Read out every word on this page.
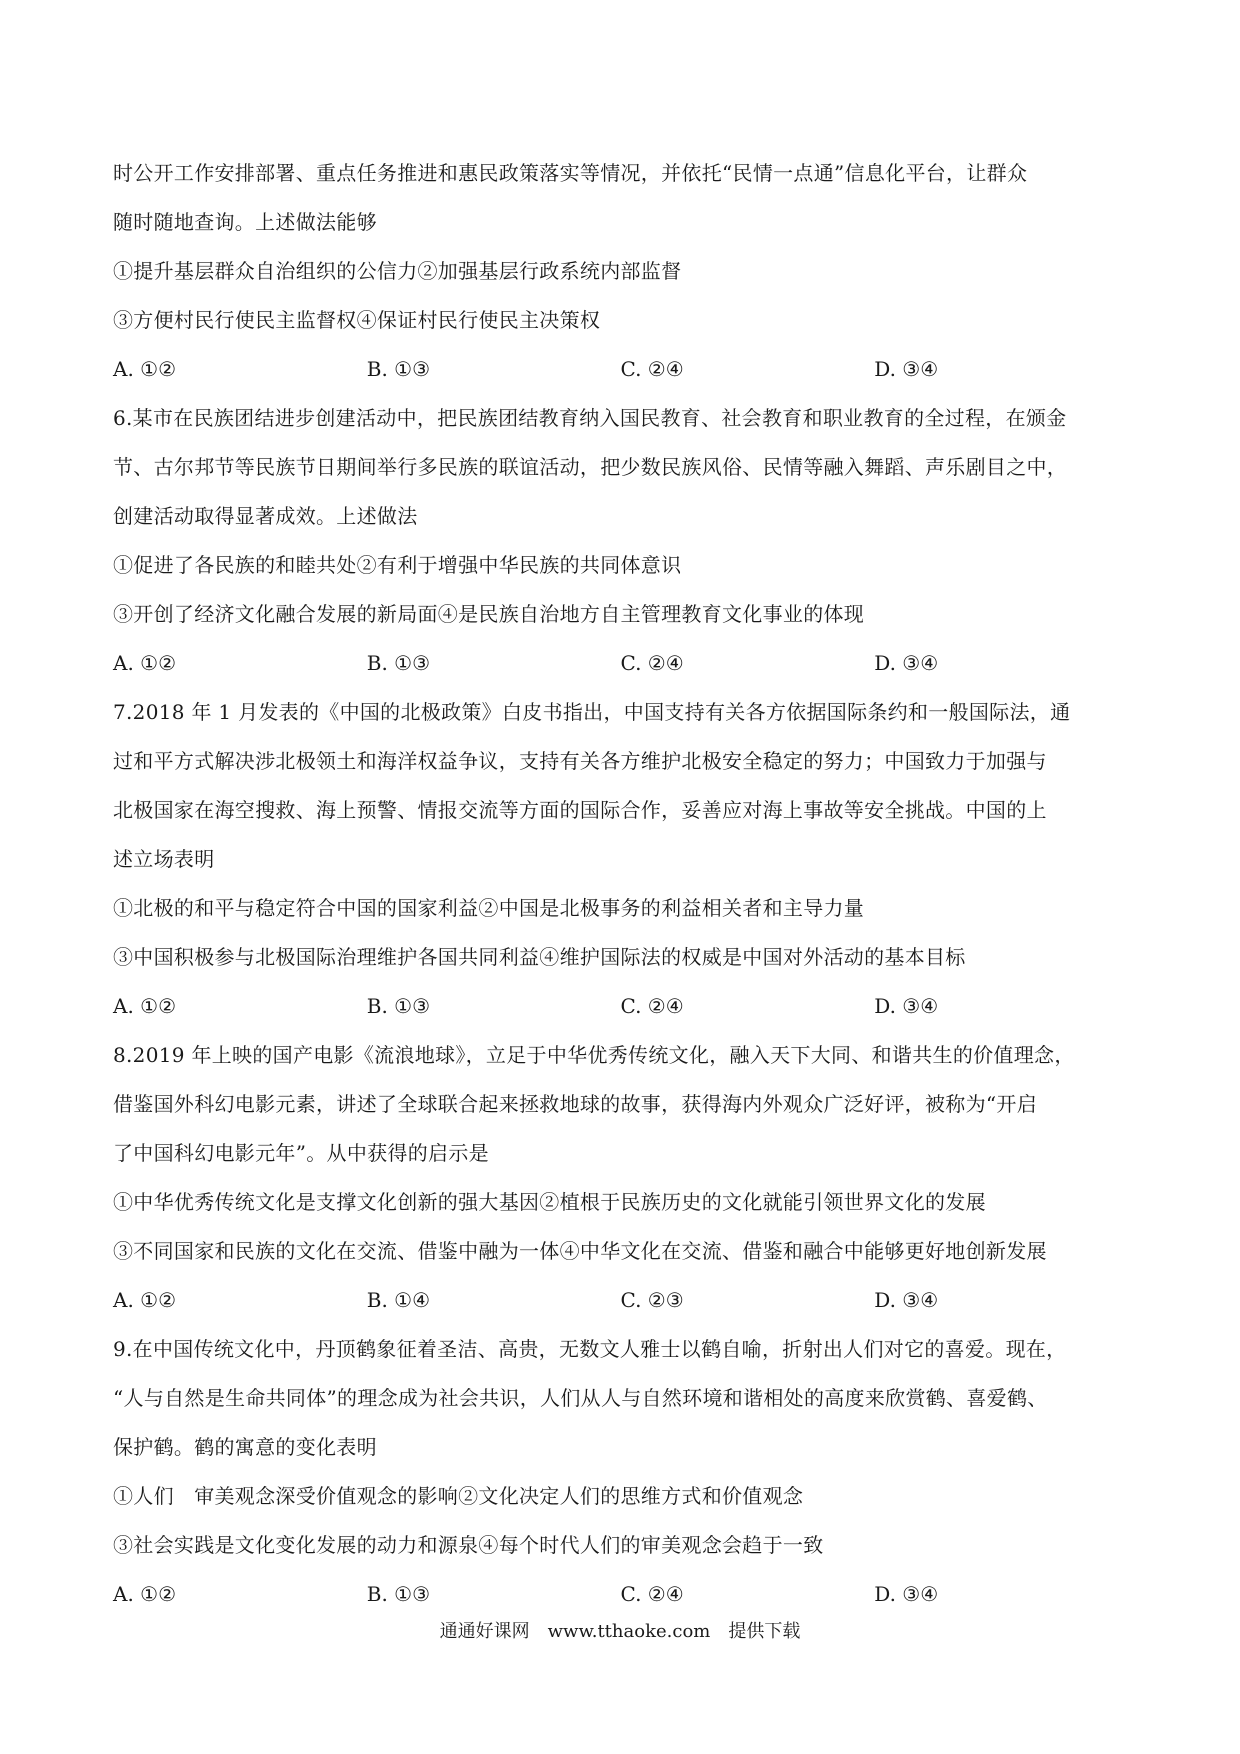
时公开工作安排部署、重点任务推进和惠民政策落实等情况，并依托“民情一点通”信息化平台，让群众
随时随地查询。上述做法能够
①提升基层群众自治组织的公信力②加强基层行政系统内部监督
③方便村民行使民主监督权④保证村民行使民主决策权
A. ①②	B. ①③	C. ②④	D. ③④
6.某市在民族团结进步创建活动中，把民族团结教育纳入国民教育、社会教育和职业教育的全过程，在颁金
节、古尔邦节等民族节日期间举行多民族的联谊活动，把少数民族风俗、民情等融入舞蹈、声乐剧目之中，
创建活动取得显著成效。上述做法
①促进了各民族的和睦共处②有利于增强中华民族的共同体意识
③开创了经济文化融合发展的新局面④是民族自治地方自主管理教育文化事业的体现
A. ①②	B. ①③	C. ②④	D. ③④
7.2018 年 1 月发表的《中国的北极政策》白皮书指出，中国支持有关各方依据国际条约和一般国际法，通
过和平方式解决涉北极领土和海洋权益争议，支持有关各方维护北极安全稳定的努力；中国致力于加强与
北极国家在海空搜救、海上预警、情报交流等方面的国际合作，妥善应对海上事故等安全挑战。中国的上
述立场表明
①北极的和平与稳定符合中国的国家利益②中国是北极事务的利益相关者和主导力量
③中国积极参与北极国际治理维护各国共同利益④维护国际法的权威是中国对外活动的基本目标
A. ①②	B. ①③	C. ②④	D. ③④
8.2019 年上映的国产电影《流浪地球》，立足于中华优秀传统文化，融入天下大同、和谐共生的价值理念，
借鉴国外科幻电影元素，讲述了全球联合起来拯救地球的故事，获得海内外观众广泛好评，被称为“开启
了中国科幻电影元年”。从中获得的启示是
①中华优秀传统文化是支撑文化创新的强大基因②植根于民族历史的文化就能引领世界文化的发展
③不同国家和民族的文化在交流、借鉴中融为一体④中华文化在交流、借鉴和融合中能够更好地创新发展
A. ①②	B. ①④	C. ②③	D. ③④
9.在中国传统文化中，丹顶鹤象征着圣洁、高贵，无数文人雅士以鹤自喻，折射出人们对它的喜爱。现在，
“人与自然是生命共同体”的理念成为社会共识，人们从人与自然环境和谐相处的高度来欣赏鹤、喜爱鹤、
保护鹤。鹤的寓意的变化表明
①人们　审美观念深受价值观念的影响②文化决定人们的思维方式和价值观念
③社会实践是文化变化发展的动力和源泉④每个时代人们的审美观念会趋于一致
A. ①②	B. ①③	C. ②④	D. ③④
通通好课网　www.tthaoke.com　提供下载
